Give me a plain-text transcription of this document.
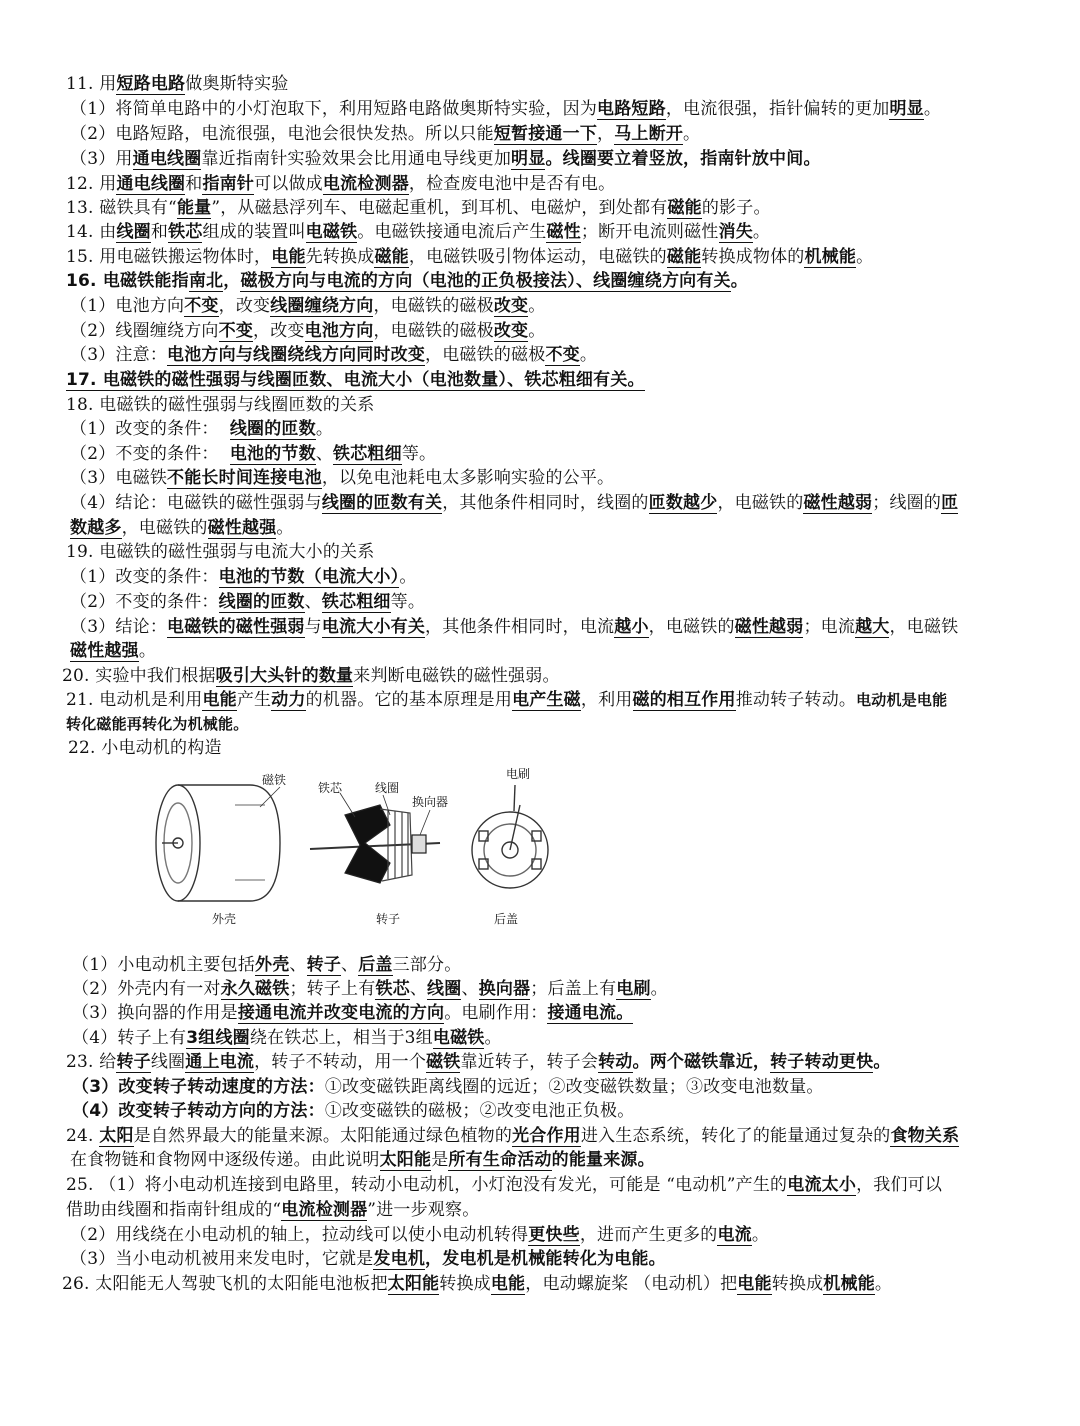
11. 用短路电路做奥斯特实验
（1）将简单电路中的小灯泡取下，利用短路电路做奥斯特实验，因为电路短路，电流很强，指针偏转的更加明显。
（2）电路短路，电流很强，电池会很快发热。所以只能短暂接通一下，马上断开。
（3）用通电线圈靠近指南针实验效果会比用通电导线更加明显。线圈要立着竖放，指南针放中间。
12. 用通电线圈和指南针可以做成电流检测器，检查废电池中是否有电。
13. 磁铁具有“能量”，从磁悬浮列车、电磁起重机，到耳机、电磁炉，到处都有磁能的影子。
14. 由线圈和铁芯组成的装置叫电磁铁。电磁铁接通电流后产生磁性；断开电流则磁性消失。
15. 用电磁铁搬运物体时，电能先转换成磁能，电磁铁吸引物体运动，电磁铁的磁能转换成物体的机械能。
16. 电磁铁能指南北，磁极方向与电流的方向（电池的正负极接法）、线圈缠绕方向有关。
（1）电池方向不变，改变线圈缠绕方向，电磁铁的磁极改变。
（2）线圈缠绕方向不变，改变电池方向，电磁铁的磁极改变。
（3）注意：电池方向与线圈绕线方向同时改变，电磁铁的磁极不变。
17. 电磁铁的磁性强弱与线圈匝数、电流大小（电池数量）、铁芯粗细有关。
18. 电磁铁的磁性强弱与线圈匝数的关系
（1）改变的条件：  线圈的匝数。
（2）不变的条件：  电池的节数、铁芯粗细等。
（3）电磁铁不能长时间连接电池，以免电池耗电太多影响实验的公平。
（4）结论：电磁铁的磁性强弱与线圈的匝数有关，其他条件相同时，线圈的匝数越少，电磁铁的磁性越弱；线圈的匝
数越多，电磁铁的磁性越强。
19. 电磁铁的磁性强弱与电流大小的关系
（1）改变的条件：电池的节数（电流大小）。
（2）不变的条件：线圈的匝数、铁芯粗细等。
（3）结论：电磁铁的磁性强弱与电流大小有关，其他条件相同时，电流越小，电磁铁的磁性越弱；电流越大，电磁铁
磁性越强。
20. 实验中我们根据吸引大头针的数量来判断电磁铁的磁性强弱。
21. 电动机是利用电能产生动力的机器。它的基本原理是用电产生磁，利用磁的相互作用推动转子转动。电动机是电能
转化磁能再转化为机械能。
22. 小电动机的构造
磁铁
铁芯	线圈
换向器
电刷
外壳	转子	后盖
（1）小电动机主要包括外壳、转子、后盖三部分。
（2）外壳内有一对永久磁铁；转子上有铁芯、线圈、换向器；后盖上有电刷。
（3）换向器的作用是接通电流并改变电流的方向。电刷作用：接通电流。
（4）转子上有3组线圈绕在铁芯上，相当于3组电磁铁。
23. 给转子线圈通上电流，转子不转动，用一个磁铁靠近转子，转子会转动。两个磁铁靠近，转子转动更快。
（3）改变转子转动速度的方法：①改变磁铁距离线圈的远近；②改变磁铁数量；③改变电池数量。
（4）改变转子转动方向的方法：①改变磁铁的磁极；②改变电池正负极。
24. 太阳是自然界最大的能量来源。太阳能通过绿色植物的光合作用进入生态系统，转化了的能量通过复杂的食物关系
在食物链和食物网中逐级传递。由此说明太阳能是所有生命活动的能量来源。
25. （1）将小电动机连接到电路里，转动小电动机，小灯泡没有发光，可能是 “电动机”产生的电流太小，我们可以
借助由线圈和指南针组成的“电流检测器”进一步观察。
（2）用线绕在小电动机的轴上，拉动线可以使小电动机转得更快些，进而产生更多的电流。
（3）当小电动机被用来发电时，它就是发电机，发电机是机械能转化为电能。
26. 太阳能无人驾驶飞机的太阳能电池板把太阳能转换成电能，电动螺旋桨 （电动机）把电能转换成机械能。
